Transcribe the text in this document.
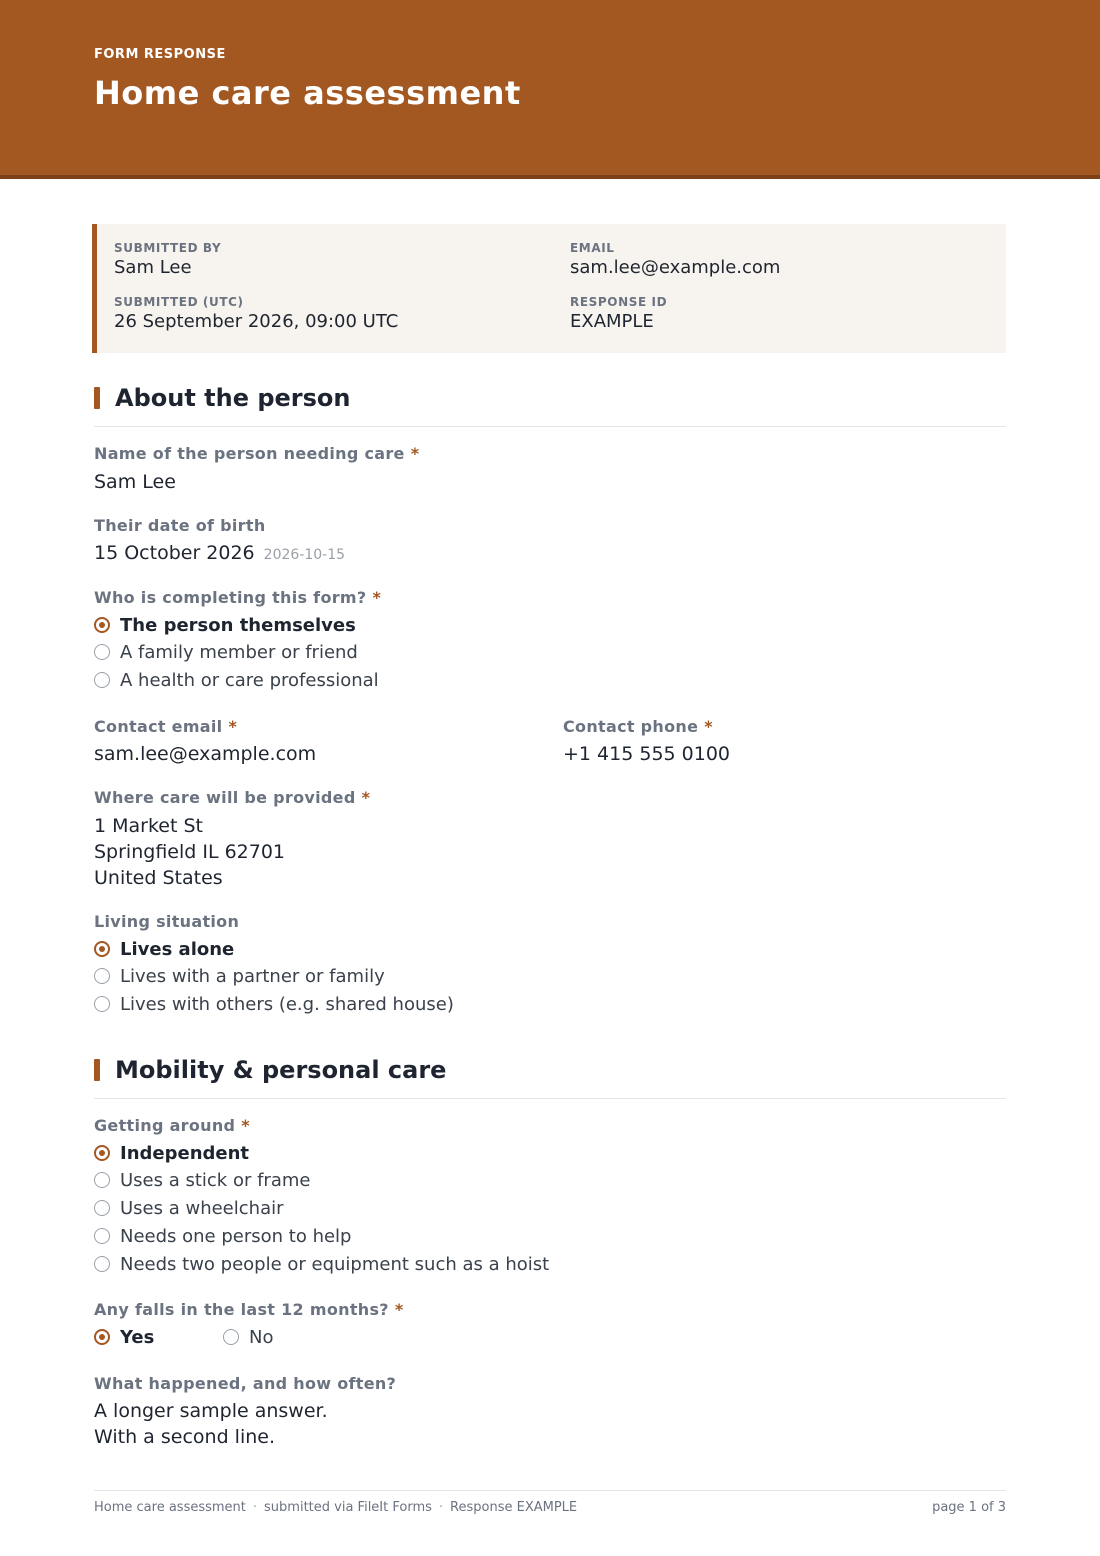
FORM RESPONSE
Home care assessment
SUBMITTED BY
Sam Lee
EMAIL
sam.lee@example.com
SUBMITTED (UTC)
26 September 2026, 09:00 UTC
RESPONSE ID
EXAMPLE
About the person
Name of the person needing care *
Sam Lee
Their date of birth
15 October 2026 2026-10-15
Who is completing this form? *
The person themselves
A family member or friend
A health or care professional
Contact email *
sam.lee@example.com
Contact phone *
+1 415 555 0100
Where care will be provided *
1 Market St
Springfield IL 62701
United States
Living situation
Lives alone
Lives with a partner or family
Lives with others (e.g. shared house)
Mobility & personal care
Getting around *
Independent
Uses a stick or frame
Uses a wheelchair
Needs one person to help
Needs two people or equipment such as a hoist
Any falls in the last 12 months? *
Yes	No
What happened, and how often?
A longer sample answer.
With a second line.
Home care assessment · submitted via FileIt Forms · Response EXAMPLE	page 1 of 3
